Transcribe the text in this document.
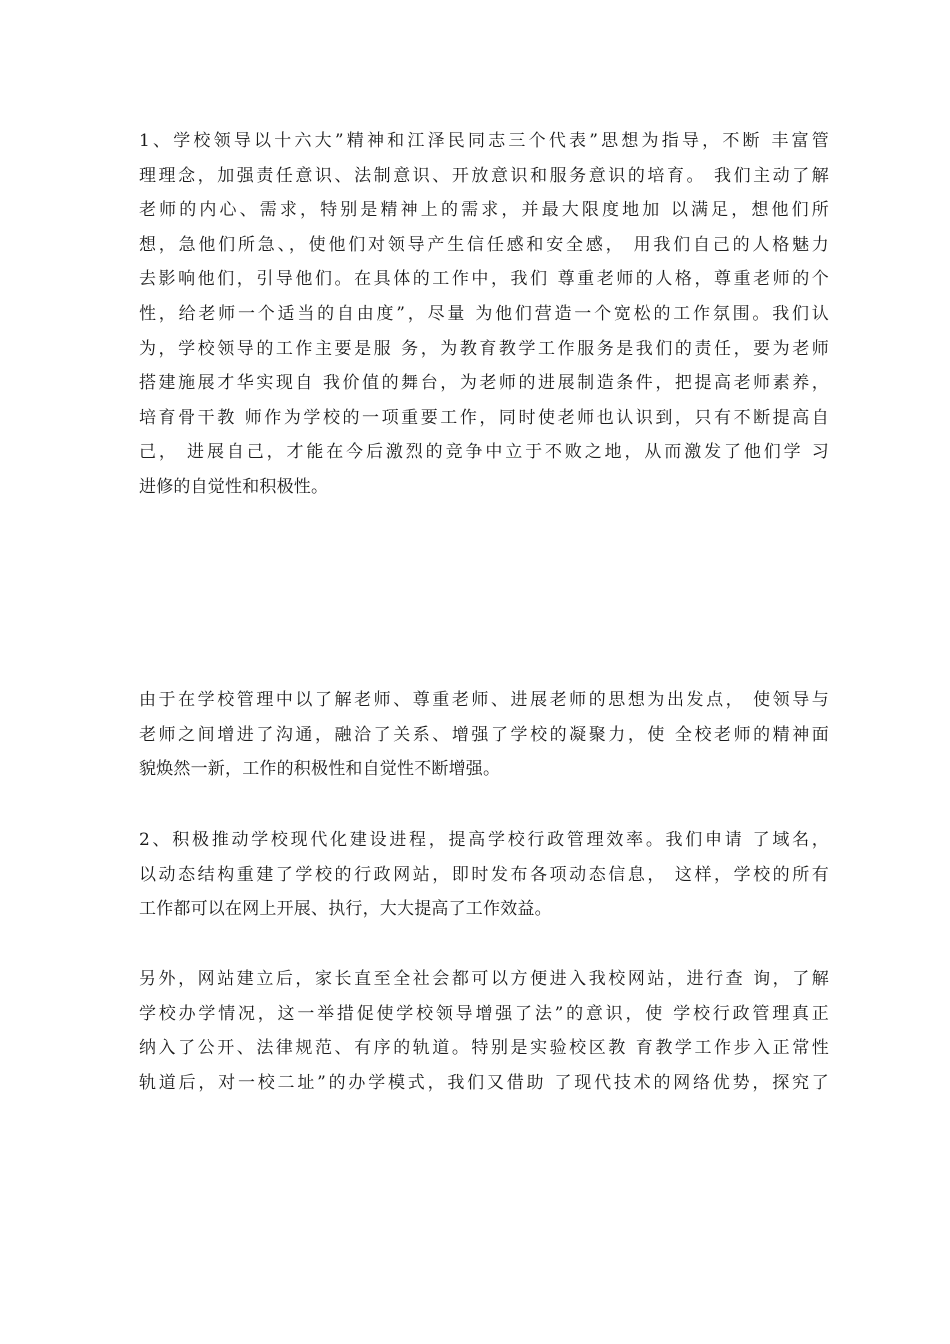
1、学校领导以十六大”精神和江泽民同志三个代表”思想为指导，不断 丰富管
理理念，加强责任意识、法制意识、开放意识和服务意识的培育。 我们主动了解
老师的内心、需求，特别是精神上的需求，并最大限度地加 以满足，想他们所
想，急他们所急、，使他们对领导产生信任感和安全感， 用我们自己的人格魅力
去影响他们，引导他们。在具体的工作中，我们 尊重老师的人格，尊重老师的个
性，给老师一个适当的自由度”，尽量 为他们营造一个宽松的工作氛围。我们认
为，学校领导的工作主要是服 务，为教育教学工作服务是我们的责任，要为老师
搭建施展才华实现自 我价值的舞台，为老师的进展制造条件，把提高老师素养，
培育骨干教 师作为学校的一项重要工作，同时使老师也认识到，只有不断提高自
己， 进展自己，才能在今后激烈的竞争中立于不败之地，从而激发了他们学 习
进修的自觉性和积极性。

由于在学校管理中以了解老师、尊重老师、进展老师的思想为出发点， 使领导与
老师之间增进了沟通，融洽了关系、增强了学校的凝聚力，使 全校老师的精神面
貌焕然一新，工作的积极性和自觉性不断增强。

2、积极推动学校现代化建设进程，提高学校行政管理效率。我们申请 了域名，
以动态结构重建了学校的行政网站，即时发布各项动态信息， 这样，学校的所有
工作都可以在网上开展、执行，大大提高了工作效益。

另外，网站建立后，家长直至全社会都可以方便进入我校网站，进行查 询，了解
学校办学情况，这一举措促使学校领导增强了法”的意识，使 学校行政管理真正
纳入了公开、法律规范、有序的轨道。特别是实验校区教 育教学工作步入正常性
轨道后，对一校二址”的办学模式，我们又借助 了现代技术的网络优势，探究了
